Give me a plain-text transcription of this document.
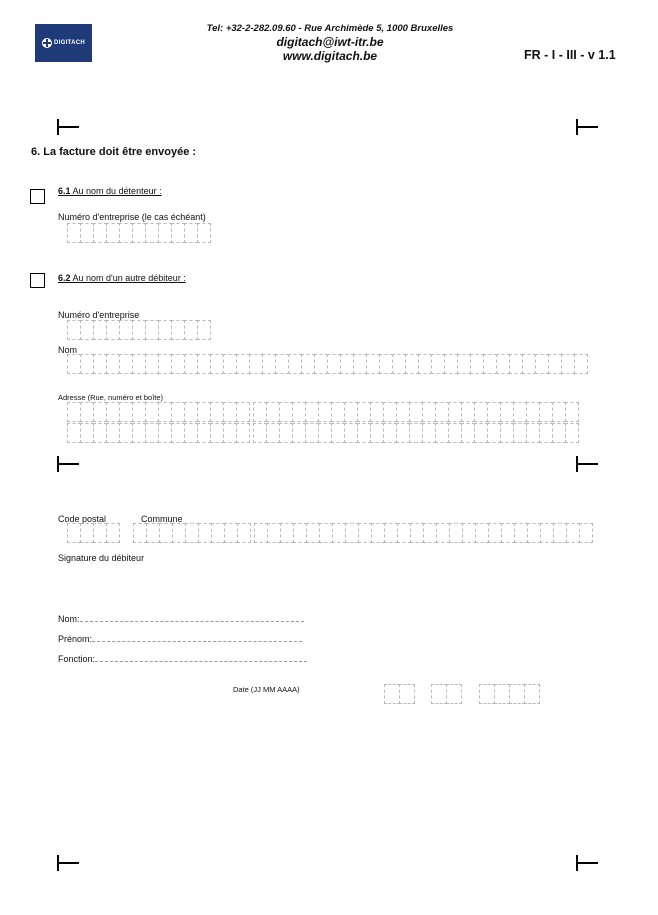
DIGITACH
Tel: +32-2-282.09.60 - Rue Archimède 5, 1000 Bruxelles
digitach@iwt-itr.be
www.digitach.be	FR - I - III - v 1.1
6. La facture doit être envoyée :
6.1 Au nom du détenteur :
Numéro d'entreprise (le cas échéant)
6.2 Au nom d'un autre débiteur :
Numéro d'entreprise
Nom
Adresse (Rue, numéro et boîte)
Code postal	Commune
Signature du débiteur
Nom:
Prénom:
Fonction:
Date (JJ MM AAAA)
